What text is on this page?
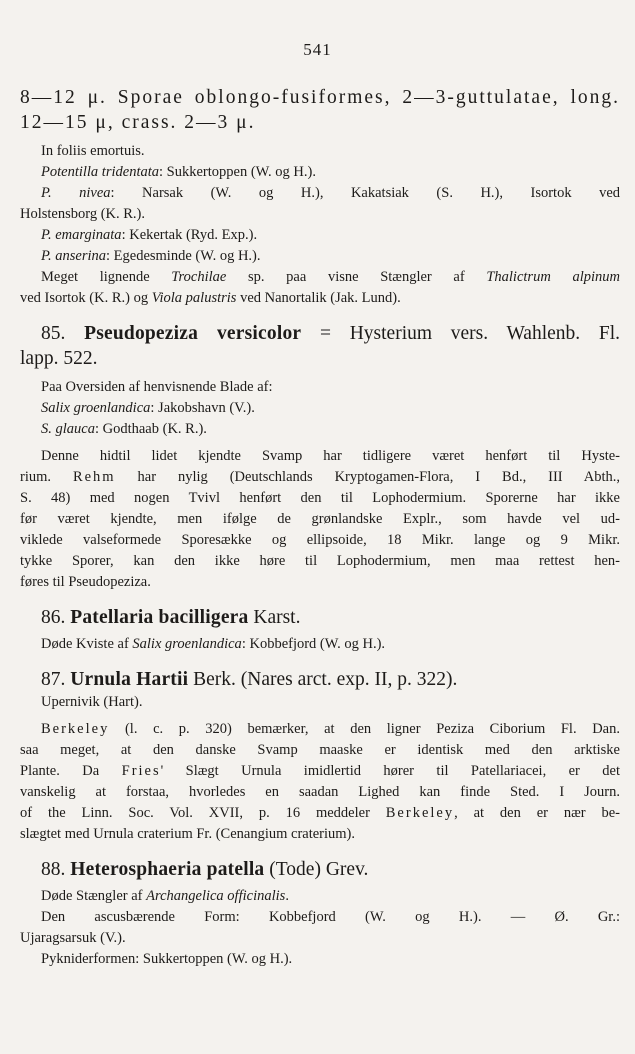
541
8—12 μ. Sporae oblongo-fusiformes, 2—3-guttulatae, long.
12—15 μ, crass. 2—3 μ.
In foliis emortuis.
Potentilla tridentata: Sukkertoppen (W. og H.).
P. nivea: Narsak (W. og H.), Kakatsiak (S. H.), Isortok ved
Holstensborg (K. R.).
P. emarginata: Kekertak (Ryd. Exp.).
P. anserina: Egedesminde (W. og H.).
Meget lignende Trochilae sp. paa visne Stængler af Thalictrum alpinum
ved Isortok (K. R.) og Viola palustris ved Nanortalik (Jak. Lund).
85. Pseudopeziza versicolor = Hysterium vers. Wahlenb. Fl.
lapp. 522.
Paa Oversiden af henvisnende Blade af:
Salix groenlandica: Jakobshavn (V.).
S. glauca: Godthaab (K. R.).
Denne hidtil lidet kjendte Svamp har tidligere været henført til Hyste-
rium. Rehm har nylig (Deutschlands Kryptogamen-Flora, I Bd., III Abth.,
S. 48) med nogen Tvivl henført den til Lophodermium. Sporerne har ikke
før været kjendte, men ifølge de grønlandske Explr., som havde vel ud-
viklede valseformede Sporesække og ellipsoide, 18 Mikr. lange og 9 Mikr.
tykke Sporer, kan den ikke høre til Lophodermium, men maa rettest hen-
føres til Pseudopeziza.
86. Patellaria bacilligera Karst.
Døde Kviste af Salix groenlandica: Kobbefjord (W. og H.).
87. Urnula Hartii Berk. (Nares arct. exp. II, p. 322).
Upernivik (Hart).
Berkeley (l. c. p. 320) bemærker, at den ligner Peziza Ciborium Fl. Dan.
saa meget, at den danske Svamp maaske er identisk med den arktiske
Plante. Da Fries' Slægt Urnula imidlertid hører til Patellariacei, er det
vanskelig at forstaa, hvorledes en saadan Lighed kan finde Sted. I Journ.
of the Linn. Soc. Vol. XVII, p. 16 meddeler Berkeley, at den er nær be-
slægtet med Urnula craterium Fr. (Cenangium craterium).
88. Heterosphaeria patella (Tode) Grev.
Døde Stængler af Archangelica officinalis.
Den ascusbærende Form: Kobbefjord (W. og H.). — Ø. Gr.:
Ujaragsarsuk (V.).
Pykniderformen: Sukkertoppen (W. og H.).
